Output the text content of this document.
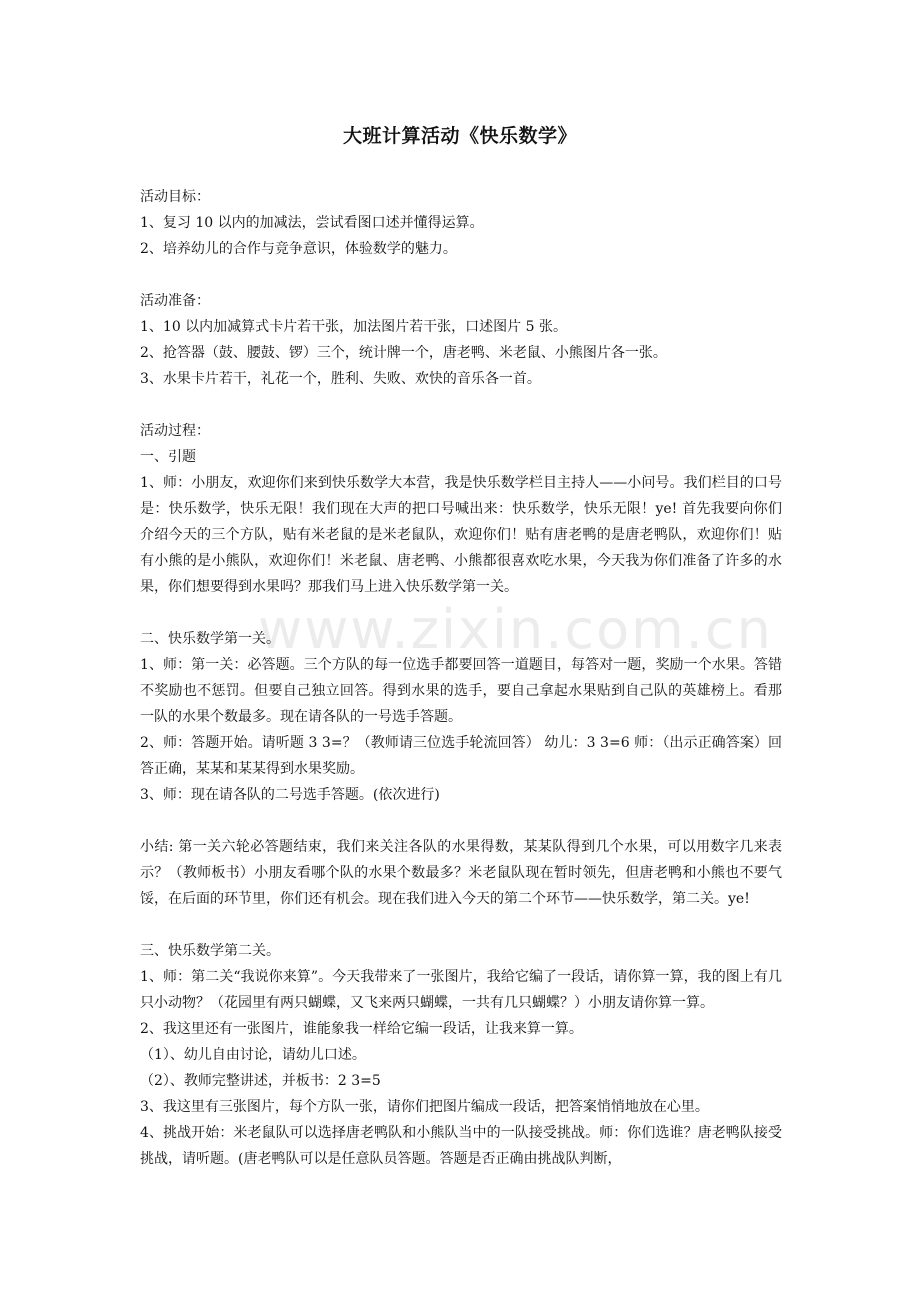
www.zixin.com.cn
大班计算活动《快乐数学》

活动目标：

1、复习 10 以内的加减法，尝试看图口述并懂得运算。

2、培养幼儿的合作与竞争意识，体验数学的魅力。

活动准备：

1、10 以内加减算式卡片若干张，加法图片若干张，口述图片 5 张。

2、抢答器（鼓、腰鼓、锣）三个，统计牌一个，唐老鸭、米老鼠、小熊图片各一张。

3、水果卡片若干，礼花一个，胜利、失败、欢快的音乐各一首。

活动过程：

一、引题

1、师：小朋友，欢迎你们来到快乐数学大本营，我是快乐数学栏目主持人——小问号。我们栏目的口号是：快乐数学，快乐无限！我们现在大声的把口号喊出来：快乐数学，快乐无限！ye! 首先我要向你们介绍今天的三个方队，贴有米老鼠的是米老鼠队，欢迎你们！贴有唐老鸭的是唐老鸭队，欢迎你们！贴有小熊的是小熊队，欢迎你们！米老鼠、唐老鸭、小熊都很喜欢吃水果，今天我为你们准备了许多的水果，你们想要得到水果吗？那我们马上进入快乐数学第一关。

二、快乐数学第一关。

1、师：第一关：必答题。三个方队的每一位选手都要回答一道题目，每答对一题，奖励一个水果。答错不奖励也不惩罚。但要自己独立回答。得到水果的选手，要自己拿起水果贴到自己队的英雄榜上。看那一队的水果个数最多。现在请各队的一号选手答题。

2、师：答题开始。请听题 3 3=？（教师请三位选手轮流回答） 幼儿：3 3=6 师：（出示正确答案）回答正确，某某和某某得到水果奖励。

3、师：现在请各队的二号选手答题。(依次进行)

小结: 第一关六轮必答题结束，我们来关注各队的水果得数，某某队得到几个水果，可以用数字几来表示？（教师板书）小朋友看哪个队的水果个数最多？米老鼠队现在暂时领先，但唐老鸭和小熊也不要气馁，在后面的环节里，你们还有机会。现在我们进入今天的第二个环节——快乐数学，第二关。ye!

三、快乐数学第二关。

1、师：第二关“我说你来算”。今天我带来了一张图片，我给它编了一段话，请你算一算，我的图上有几只小动物？（花园里有两只蝴蝶，又飞来两只蝴蝶，一共有几只蝴蝶？）小朋友请你算一算。

2、我这里还有一张图片，谁能象我一样给它编一段话，让我来算一算。

（1）、幼儿自由讨论，请幼儿口述。

（2）、教师完整讲述，并板书：2 3=5

3、我这里有三张图片，每个方队一张，请你们把图片编成一段话，把答案悄悄地放在心里。

4、挑战开始：米老鼠队可以选择唐老鸭队和小熊队当中的一队接受挑战。师：你们选谁？唐老鸭队接受挑战，请听题。(唐老鸭队可以是任意队员答题。答题是否正确由挑战队判断，
